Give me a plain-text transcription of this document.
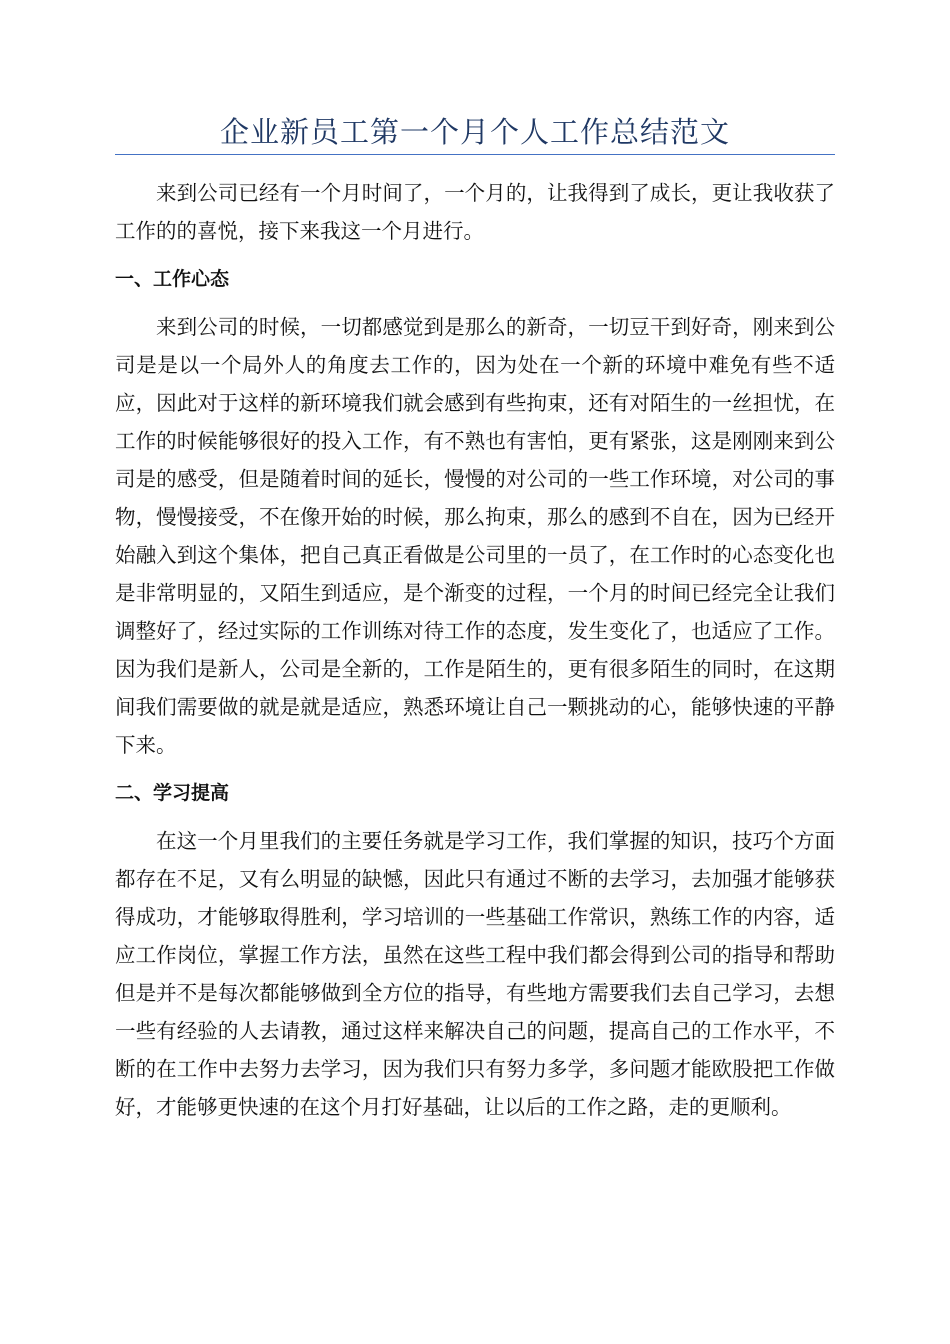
企业新员工第一个月个人工作总结范文

来到公司已经有一个月时间了，一个月的，让我得到了成长，更让我收获了工作的的喜悦，接下来我这一个月进行。

一、工作心态

来到公司的时候，一切都感觉到是那么的新奇，一切豆干到好奇，刚来到公司是是以一个局外人的角度去工作的，因为处在一个新的环境中难免有些不适应，因此对于这样的新环境我们就会感到有些拘束，还有对陌生的一丝担忧，在工作的时候能够很好的投入工作，有不熟也有害怕，更有紧张，这是刚刚来到公司是的感受，但是随着时间的延长，慢慢的对公司的一些工作环境，对公司的事物，慢慢接受，不在像开始的时候，那么拘束，那么的感到不自在，因为已经开始融入到这个集体，把自己真正看做是公司里的一员了，在工作时的心态变化也是非常明显的，又陌生到适应，是个渐变的过程，一个月的时间已经完全让我们调整好了，经过实际的工作训练对待工作的态度，发生变化了，也适应了工作。因为我们是新人，公司是全新的，工作是陌生的，更有很多陌生的同时，在这期间我们需要做的就是就是适应，熟悉环境让自己一颗挑动的心，能够快速的平静下来。

二、学习提高

在这一个月里我们的主要任务就是学习工作，我们掌握的知识，技巧个方面都存在不足，又有么明显的缺憾，因此只有通过不断的去学习，去加强才能够获得成功，才能够取得胜利，学习培训的一些基础工作常识，熟练工作的内容，适应工作岗位，掌握工作方法，虽然在这些工程中我们都会得到公司的指导和帮助但是并不是每次都能够做到全方位的指导，有些地方需要我们去自己学习，去想一些有经验的人去请教，通过这样来解决自己的问题，提高自己的工作水平，不断的在工作中去努力去学习，因为我们只有努力多学，多问题才能欧股把工作做好，才能够更快速的在这个月打好基础，让以后的工作之路，走的更顺利。
